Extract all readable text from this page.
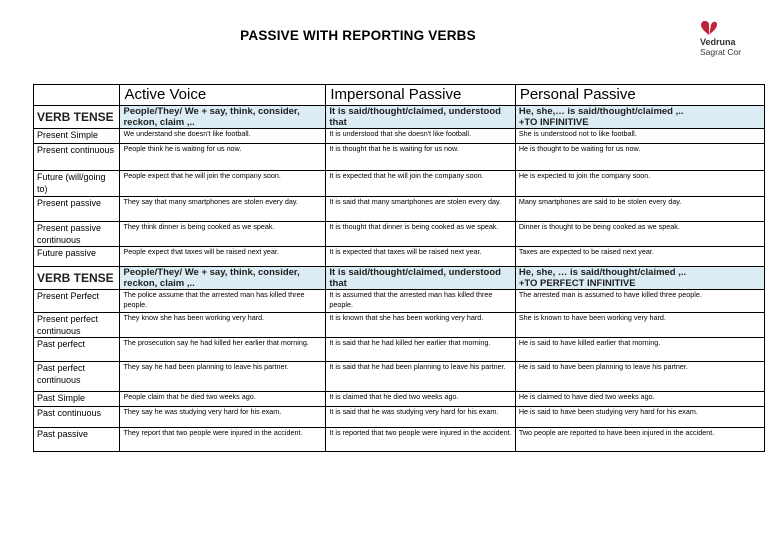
PASSIVE WITH REPORTING VERBS	Vedruna
Sagrat Cor
	Active Voice	Impersonal Passive	Personal Passive
VERB TENSE	People/They/ We + say, think, consider, reckon, claim ,..	It is said/thought/claimed, understood that	He, she,… is said/thought/claimed ,..
+TO INFINITIVE

Present Simple	We understand she doesn't like football.	It is understood that she doesn't like football.	She is understood not to like football.
Present continuous	People think he is waiting for us now.	It is thought that he is waiting for us now.	He is thought to be waiting for us now.
Future (will/going to)	People expect that he will join the company soon.	It is expected that he will join the company soon.	He is expected to join the company soon.
Present passive	They say that many smartphones are stolen every day.	It is said that many smartphones are stolen every day.	Many smartphones are said to be stolen every day.
Present passive continuous	They think dinner is being cooked as we speak.	It is thought that dinner is being cooked as we speak.	Dinner is thought to be being cooked as we speak.
Future passive	People expect that taxes will be raised next year.	It is expected that taxes will be raised next year.	Taxes are expected to be raised next year.
VERB TENSE	People/They/ We + say, think, consider, reckon, claim ,..	It is said/thought/claimed, understood that	He, she, … is said/thought/claimed ,..
+TO PERFECT INFINITIVE

Present Perfect	The police assume that the arrested man has killed three people.	It is assumed that the arrested man has killed three people.	The arrested man is assumed to have killed three people.
Present perfect continuous	They know she has been working very hard.	It is known that she has been working very hard.	She is known to have been working very hard.
Past perfect	The prosecution say he had killed her earlier that morning.	It is said that he had killed her earlier that morning.	He is said to have killed earlier that morning.
Past perfect continuous	They say he had been planning to leave his partner.	It is said that he had been planning to leave his partner.	He is said to have been planning to leave his partner.
Past Simple	People claim that he died two weeks ago.	It is claimed that he died two weeks ago.	He is claimed to have died two weeks ago.
Past continuous	They say he was studying very hard for his exam.	It is said that he was studying very hard for his exam.	He is said to have been studying very hard for his exam.
Past passive	They report that two people were injured in the accident.	It is reported that two people were injured in the accident.	Two people are reported to have been injured in the accident.
